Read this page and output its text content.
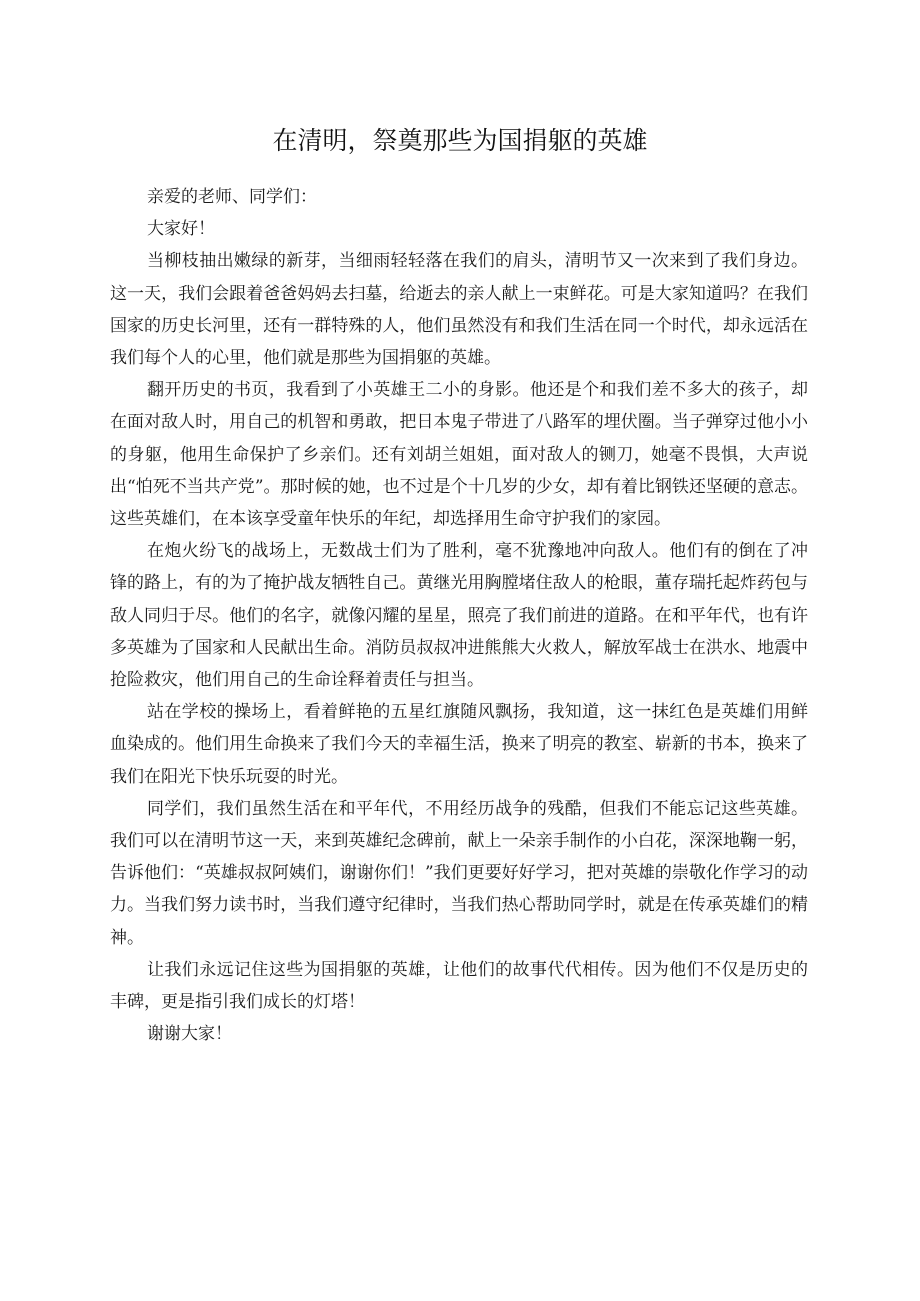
在清明，祭奠那些为国捐躯的英雄

亲爱的老师、同学们：

大家好！

当柳枝抽出嫩绿的新芽，当细雨轻轻落在我们的肩头，清明节又一次来到了我们身边。这一天，我们会跟着爸爸妈妈去扫墓，给逝去的亲人献上一束鲜花。可是大家知道吗？在我们国家的历史长河里，还有一群特殊的人，他们虽然没有和我们生活在同一个时代，却永远活在我们每个人的心里，他们就是那些为国捐躯的英雄。

翻开历史的书页，我看到了小英雄王二小的身影。他还是个和我们差不多大的孩子，却在面对敌人时，用自己的机智和勇敢，把日本鬼子带进了八路军的埋伏圈。当子弹穿过他小小的身躯，他用生命保护了乡亲们。还有刘胡兰姐姐，面对敌人的铡刀，她毫不畏惧，大声说出“怕死不当共产党”。那时候的她，也不过是个十几岁的少女，却有着比钢铁还坚硬的意志。这些英雄们，在本该享受童年快乐的年纪，却选择用生命守护我们的家园。

在炮火纷飞的战场上，无数战士们为了胜利，毫不犹豫地冲向敌人。他们有的倒在了冲锋的路上，有的为了掩护战友牺牲自己。黄继光用胸膛堵住敌人的枪眼，董存瑞托起炸药包与敌人同归于尽。他们的名字，就像闪耀的星星，照亮了我们前进的道路。在和平年代，也有许多英雄为了国家和人民献出生命。消防员叔叔冲进熊熊大火救人，解放军战士在洪水、地震中抢险救灾，他们用自己的生命诠释着责任与担当。

站在学校的操场上，看着鲜艳的五星红旗随风飘扬，我知道，这一抹红色是英雄们用鲜血染成的。他们用生命换来了我们今天的幸福生活，换来了明亮的教室、崭新的书本，换来了我们在阳光下快乐玩耍的时光。

同学们，我们虽然生活在和平年代，不用经历战争的残酷，但我们不能忘记这些英雄。我们可以在清明节这一天，来到英雄纪念碑前，献上一朵亲手制作的小白花，深深地鞠一躬，告诉他们：“英雄叔叔阿姨们，谢谢你们！”我们更要好好学习，把对英雄的崇敬化作学习的动力。当我们努力读书时，当我们遵守纪律时，当我们热心帮助同学时，就是在传承英雄们的精神。

让我们永远记住这些为国捐躯的英雄，让他们的故事代代相传。因为他们不仅是历史的丰碑，更是指引我们成长的灯塔！

谢谢大家！
